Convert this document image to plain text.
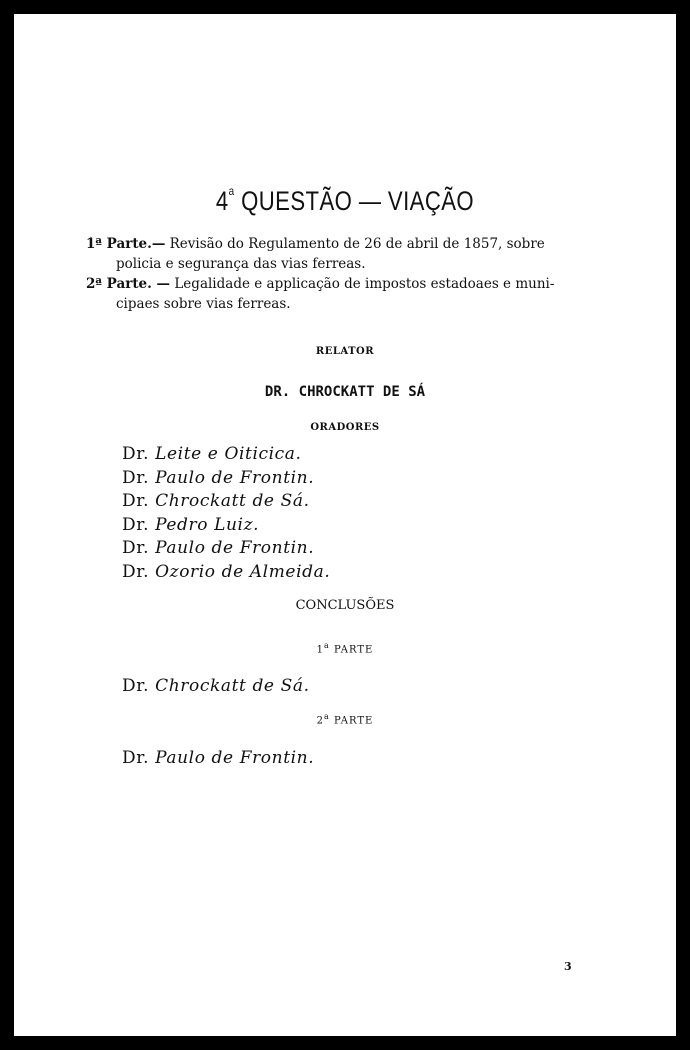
4$^a$ QUESTÃO — VIAÇÃO
1ª Parte.— Revisão do Regulamento de 26 de abril de 1857, sobre
policia e segurança das vias ferreas.
2ª Parte. — Legalidade e applicação de impostos estadoaes e muni-
cipaes sobre vias ferreas.
RELATOR
DR. CHROCKATT DE SÁ
ORADORES
Dr. Leite e Oiticica.
Dr. Paulo de Frontin.
Dr. Chrockatt de Sá.
Dr. Pedro Luiz.
Dr. Paulo de Frontin.
Dr. Ozorio de Almeida.
CONCLUSÕES
1$^a$ PARTE
Dr. Chrockatt de Sá.
2$^a$ PARTE
Dr. Paulo de Frontin.
3
